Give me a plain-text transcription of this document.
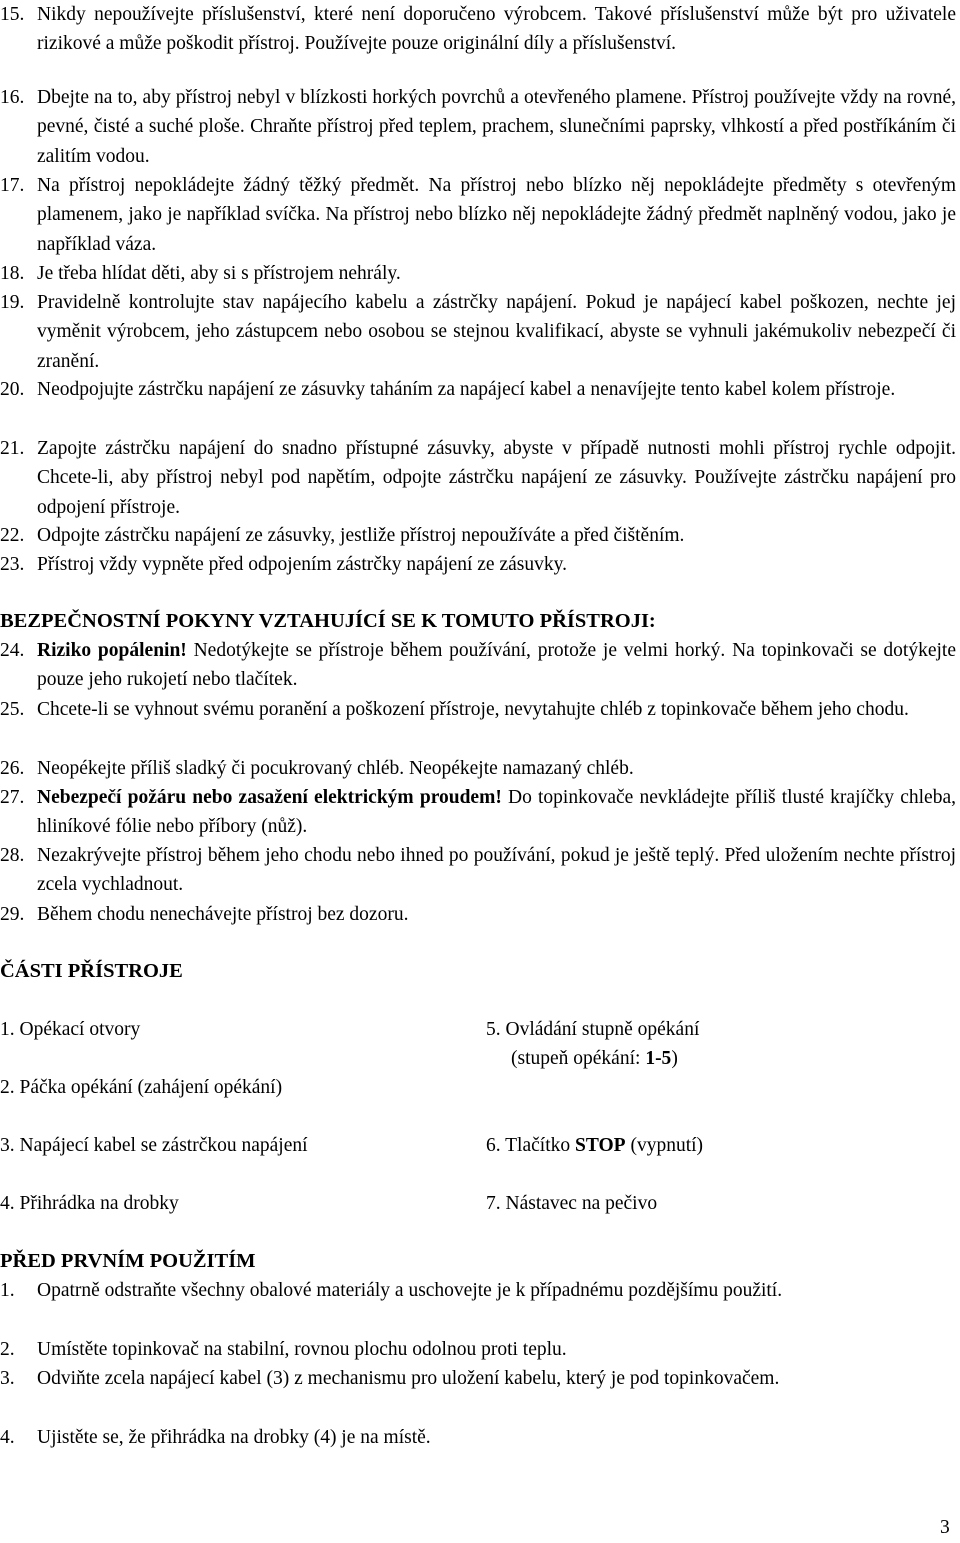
15. Nikdy nepoužívejte příslušenství, které není doporučeno výrobcem. Takové příslušenství může být pro uživatele rizikové a může poškodit přístroj. Používejte pouze originální díly a příslušenství.
16. Dbejte na to, aby přístroj nebyl v blízkosti horkých povrchů a otevřeného plamene. Přístroj používejte vždy na rovné, pevné, čisté a suché ploše. Chraňte přístroj před teplem, prachem, slunečními paprsky, vlhkostí a před postříkáním či zalitím vodou.
17. Na přístroj nepokládejte žádný těžký předmět. Na přístroj nebo blízko něj nepokládejte předměty s otevřeným plamenem, jako je například svíčka. Na přístroj nebo blízko něj nepokládejte žádný předmět naplněný vodou, jako je například váza.
18. Je třeba hlídat děti, aby si s přístrojem nehrály.
19. Pravidelně kontrolujte stav napájecího kabelu a zástrčky napájení. Pokud je napájecí kabel poškozen, nechte jej vyměnit výrobcem, jeho zástupcem nebo osobou se stejnou kvalifikací, abyste se vyhnuli jakémukoliv nebezpečí či zranění.
20. Neodpojujte zástrčku napájení ze zásuvky taháním za napájecí kabel a nenavíjejte tento kabel kolem přístroje.
21. Zapojte zástrčku napájení do snadno přístupné zásuvky, abyste v případě nutnosti mohli přístroj rychle odpojit. Chcete-li, aby přístroj nebyl pod napětím, odpojte zástrčku napájení ze zásuvky. Používejte zástrčku napájení pro odpojení přístroje.
22. Odpojte zástrčku napájení ze zásuvky, jestliže přístroj nepoužíváte a před čištěním.
23. Přístroj vždy vypněte před odpojením zástrčky napájení ze zásuvky.
BEZPEČNOSTNÍ POKYNY VZTAHUJÍCÍ SE K TOMUTO PŘÍSTROJI:
24. Riziko popálenin! Nedotýkejte se přístroje během používání, protože je velmi horký. Na topinkovači se dotýkejte pouze jeho rukojetí nebo tlačítek.
25. Chcete-li se vyhnout svému poranění a poškození přístroje, nevytahujte chléb z topinkovače během jeho chodu.
26. Neopékejte příliš sladký či pocukrovaný chléb. Neopékejte namazaný chléb.
27. Nebezpečí požáru nebo zasažení elektrickým proudem! Do topinkovače nevkládejte příliš tlusté krajíčky chleba, hliníkové fólie nebo příbory (nůž).
28. Nezakrývejte přístroj během jeho chodu nebo ihned po používání, pokud je ještě teplý. Před uložením nechte přístroj zcela vychladnout.
29. Během chodu nenechávejte přístroj bez dozoru.
ČÁSTI PŘÍSTROJE
1. Opékací otvory	5. Ovládání stupně opékání
(stupeň opékání: 1-5)
2. Páčka opékání (zahájení opékání)
3. Napájecí kabel se zástrčkou napájení	6. Tlačítko STOP (vypnutí)
4. Přihrádka na drobky	7. Nástavec na pečivo
PŘED PRVNÍM POUŽITÍM
1.	Opatrně odstraňte všechny obalové materiály a uschovejte je k případnému pozdějšímu použití.
2.	Umístěte topinkovač na stabilní, rovnou plochu odolnou proti teplu.
3.	Odviňte zcela napájecí kabel (3) z mechanismu pro uložení kabelu, který je pod topinkovačem.
4.	Ujistěte se, že přihrádka na drobky (4) je na místě.
3
